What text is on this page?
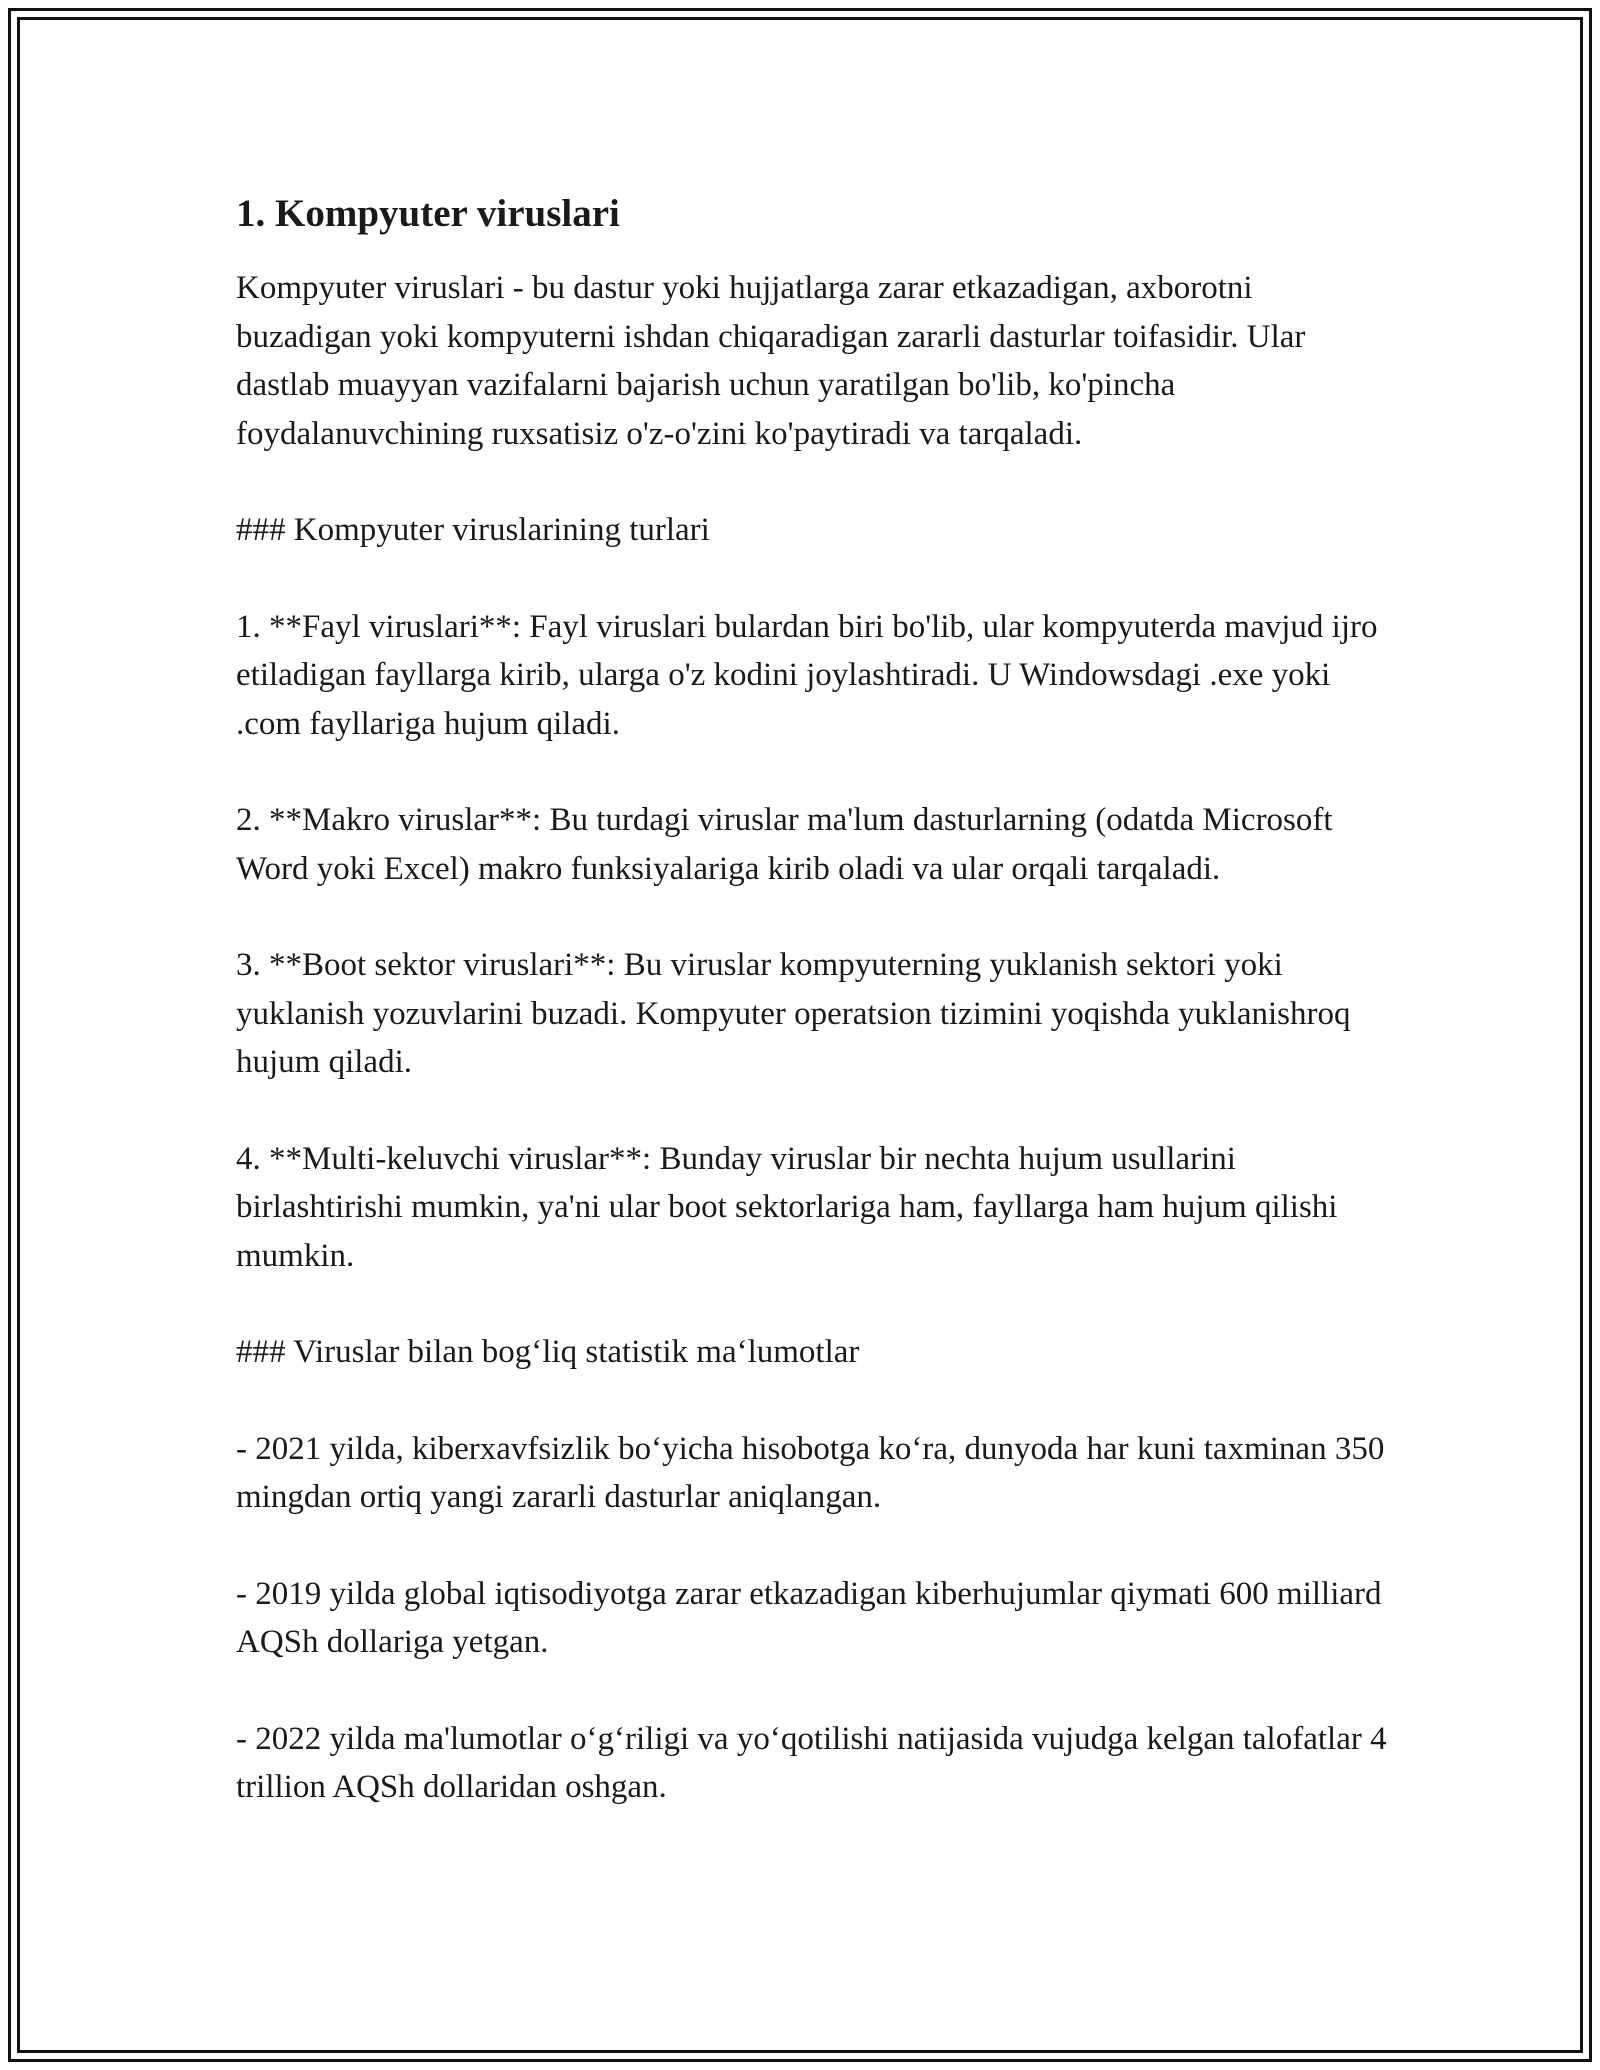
1. Kompyuter viruslari

Kompyuter viruslari - bu dastur yoki hujjatlarga zarar etkazadigan, axborotni buzadigan yoki kompyuterni ishdan chiqaradigan zararli dasturlar toifasidir. Ular dastlab muayyan vazifalarni bajarish uchun yaratilgan bo'lib, ko'pincha foydalanuvchining ruxsatisiz o'z-o'zini ko'paytiradi va tarqaladi.

### Kompyuter viruslarining turlari

1. **Fayl viruslari**: Fayl viruslari bulardan biri bo'lib, ular kompyuterda mavjud ijro etiladigan fayllarga kirib, ularga o'z kodini joylashtiradi. U Windowsdagi .exe yoki .com fayllariga hujum qiladi.

2. **Makro viruslar**: Bu turdagi viruslar ma'lum dasturlarning (odatda Microsoft Word yoki Excel) makro funksiyalariga kirib oladi va ular orqali tarqaladi.

3. **Boot sektor viruslari**: Bu viruslar kompyuterning yuklanish sektori yoki yuklanish yozuvlarini buzadi. Kompyuter operatsion tizimini yoqishda yuklanishroq hujum qiladi.

4. **Multi-keluvchi viruslar**: Bunday viruslar bir nechta hujum usullarini birlashtirishi mumkin, ya'ni ular boot sektorlariga ham, fayllarga ham hujum qilishi mumkin.

### Viruslar bilan bog‘liq statistik ma‘lumotlar

- 2021 yilda, kiberxavfsizlik bo‘yicha hisobotga ko‘ra, dunyoda har kuni taxminan 350 mingdan ortiq yangi zararli dasturlar aniqlangan.

- 2019 yilda global iqtisodiyotga zarar etkazadigan kiberhujumlar qiymati 600 milliard AQSh dollariga yetgan.

- 2022 yilda ma'lumotlar o‘g‘riligi va yo‘qotilishi natijasida vujudga kelgan talofatlar 4 trillion AQSh dollaridan oshgan.
